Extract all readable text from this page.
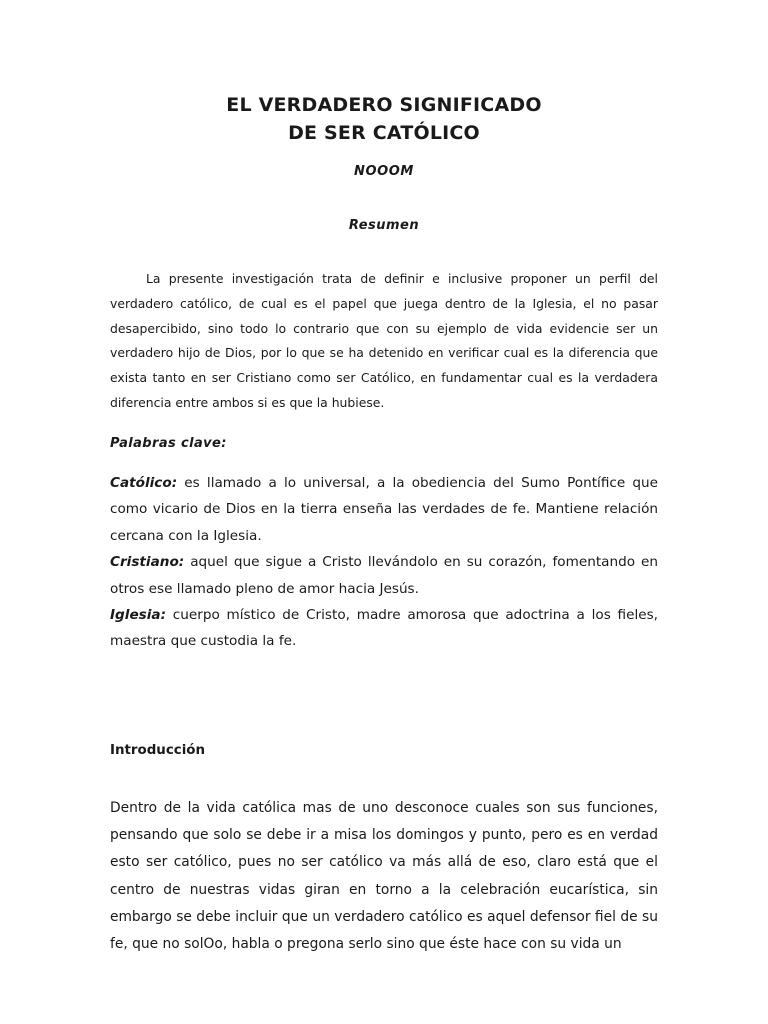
EL VERDADERO SIGNIFICADO
DE SER CATÓLICO
NOOOM
Resumen

La presente investigación trata de definir e inclusive proponer un perfil del verdadero católico, de cual es el papel que juega dentro de la Iglesia, el no pasar desapercibido, sino todo lo contrario que con su ejemplo de vida evidencie ser un verdadero hijo de Dios, por lo que se ha detenido en verificar cual es la diferencia que exista tanto en ser Cristiano como ser Católico, en fundamentar cual es la verdadera diferencia entre ambos si es que la hubiese.

Palabras clave:

Católico: es llamado a lo universal, a la obediencia del Sumo Pontífice que como vicario de Dios en la tierra enseña las verdades de fe. Mantiene relación cercana con la Iglesia.

Cristiano: aquel que sigue a Cristo llevándolo en su corazón, fomentando en otros ese llamado pleno de amor hacia Jesús.

Iglesia: cuerpo místico de Cristo, madre amorosa que adoctrina a los fieles, maestra que custodia la fe.

Introducción

Dentro de la vida católica mas de uno desconoce cuales son sus funciones, pensando que solo se debe ir a misa los domingos y punto, pero es en verdad esto ser católico, pues no ser católico va más allá de eso, claro está que el centro de nuestras vidas giran en torno a la celebración eucarística, sin embargo se debe incluir que un verdadero católico es aquel defensor fiel de su fe, que no solOo, habla o pregona serlo sino que éste hace con su vida un
